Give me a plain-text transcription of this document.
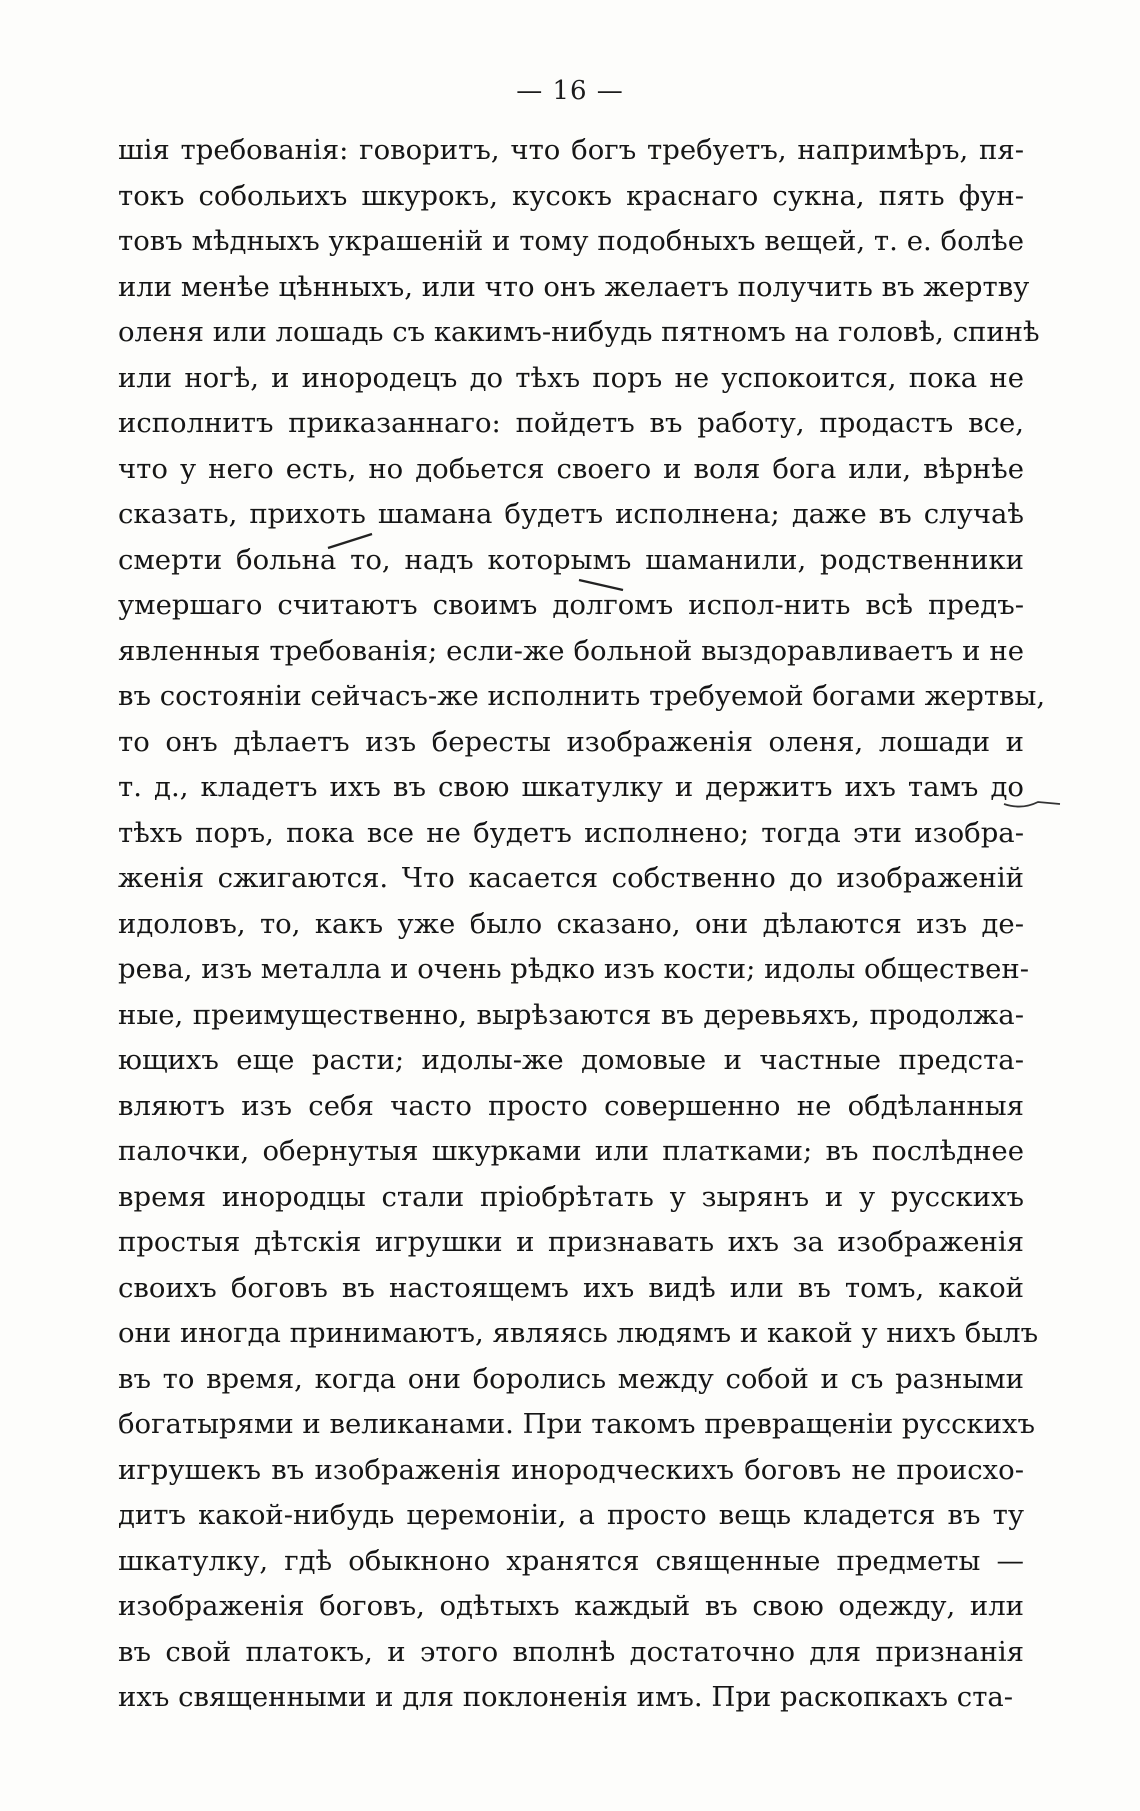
— 16 —
шія требованія: говоритъ, что богъ требуетъ, напримѣръ, пя-
токъ собольихъ шкурокъ, кусокъ краснаго сукна, пять фун-
товъ мѣдныхъ украшеній и тому подобныхъ вещей, т. е. болѣе
или менѣе цѣнныхъ, или что онъ желаетъ получить въ жертву
оленя или лошадь съ какимъ-нибудь пятномъ на головѣ, спинѣ
или ногѣ, и инородецъ до тѣхъ поръ не успокоится, пока не
исполнитъ приказаннаго: пойдетъ въ работу, продастъ все,
что у него есть, но добьется своего и воля бога или, вѣрнѣе
сказать, прихоть шамана будетъ исполнена; даже въ случаѣ
смерти больна то, надъ которымъ шаманили, родственники
умершаго считаютъ своимъ долгомъ испол-нить всѣ предъ-
явленныя требованія; если-же больной выздоравливаетъ и не
въ состояніи сейчасъ-же исполнить требуемой богами жертвы,
то онъ дѣлаетъ изъ бересты изображенія оленя, лошади и
т. д., кладетъ ихъ въ свою шкатулку и держитъ ихъ тамъ до
тѣхъ поръ, пока все не будетъ исполнено; тогда эти изобра-
женія сжигаются. Что касается собственно до изображеній
идоловъ, то, какъ уже было сказано, они дѣлаются изъ де-
рева, изъ металла и очень рѣдко изъ кости; идолы обществен-
ные, преимущественно, вырѣзаются въ деревьяхъ, продолжа-
ющихъ еще расти; идолы-же домовые и частные предста-
вляютъ изъ себя часто просто совершенно не обдѣланныя
палочки, обернутыя шкурками или платками; въ послѣднее
время инородцы стали пріобрѣтать у зырянъ и у русскихъ
простыя дѣтскія игрушки и признавать ихъ за изображенія
своихъ боговъ въ настоящемъ ихъ видѣ или въ томъ, какой
они иногда принимаютъ, являясь людямъ и какой у нихъ былъ
въ то время, когда они боролись между собой и съ разными
богатырями и великанами. При такомъ превращеніи русскихъ
игрушекъ въ изображенія инородческихъ боговъ не происхо-
дитъ какой-нибудь церемоніи, а просто вещь кладется въ ту
шкатулку, гдѣ обыкноно хранятся священные предметы —
изображенія боговъ, одѣтыхъ каждый въ свою одежду, или
въ свой платокъ, и этого вполнѣ достаточно для признанія
ихъ священными и для поклоненія имъ. При раскопкахъ ста-
